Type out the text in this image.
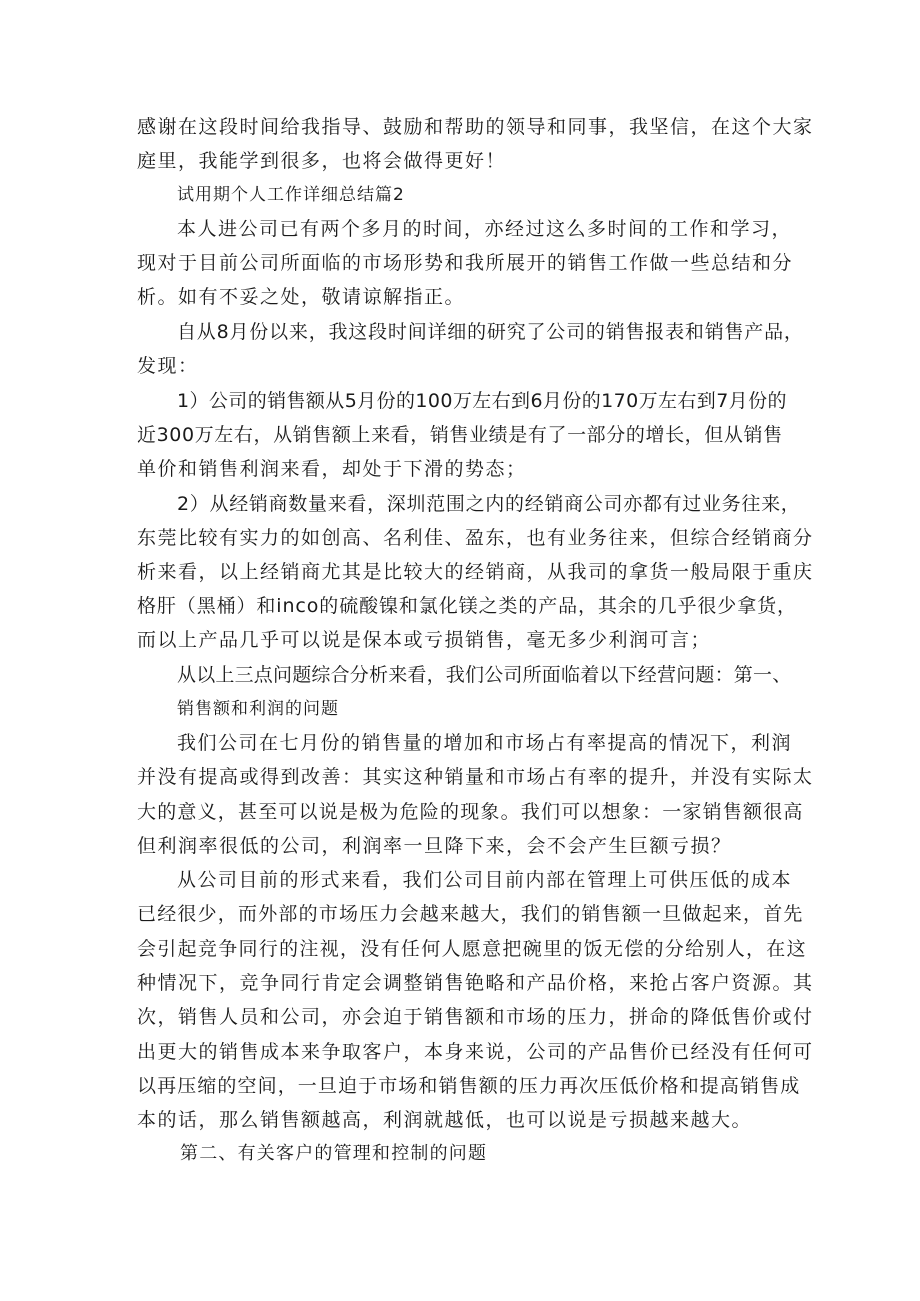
感谢在这段时间给我指导、鼓励和帮助的领导和同事，我坚信，在这个大家
庭里，我能学到很多，也将会做得更好！
试用期个人工作详细总结篇2
本人进公司已有两个多月的时间，亦经过这么多时间的工作和学习，
现对于目前公司所面临的市场形势和我所展开的销售工作做一些总结和分
析。如有不妥之处，敬请谅解指正。
自从8月份以来，我这段时间详细的研究了公司的销售报表和销售产品，
发现：
1）公司的销售额从5月份的100万左右到6月份的170万左右到7月份的
近300万左右，从销售额上来看，销售业绩是有了一部分的增长，但从销售
单价和销售利润来看，却处于下滑的势态；
2）从经销商数量来看，深圳范围之内的经销商公司亦都有过业务往来，
东莞比较有实力的如创高、名利佳、盈东，也有业务往来，但综合经销商分
析来看，以上经销商尤其是比较大的经销商，从我司的拿货一般局限于重庆
格肝（黑桶）和inco的硫酸镍和氯化镁之类的产品，其余的几乎很少拿货，
而以上产品几乎可以说是保本或亏损销售，毫无多少利润可言；
从以上三点问题综合分析来看，我们公司所面临着以下经营问题：第一、
销售额和利润的问题
我们公司在七月份的销售量的增加和市场占有率提高的情况下，利润
并没有提高或得到改善：其实这种销量和市场占有率的提升，并没有实际太
大的意义，甚至可以说是极为危险的现象。我们可以想象：一家销售额很高
但利润率很低的公司，利润率一旦降下来，会不会产生巨额亏损？
从公司目前的形式来看，我们公司目前内部在管理上可供压低的成本
已经很少，而外部的市场压力会越来越大，我们的销售额一旦做起来，首先
会引起竞争同行的注视，没有任何人愿意把碗里的饭无偿的分给别人，在这
种情况下，竞争同行肯定会调整销售铯略和产品价格，来抢占客户资源。其
次，销售人员和公司，亦会迫于销售额和市场的压力，拼命的降低售价或付
出更大的销售成本来争取客户，本身来说，公司的产品售价已经没有任何可
以再压缩的空间，一旦迫于市场和销售额的压力再次压低价格和提高销售成
本的话，那么销售额越高，利润就越低，也可以说是亏损越来越大。
第二、有关客户的管理和控制的问题
